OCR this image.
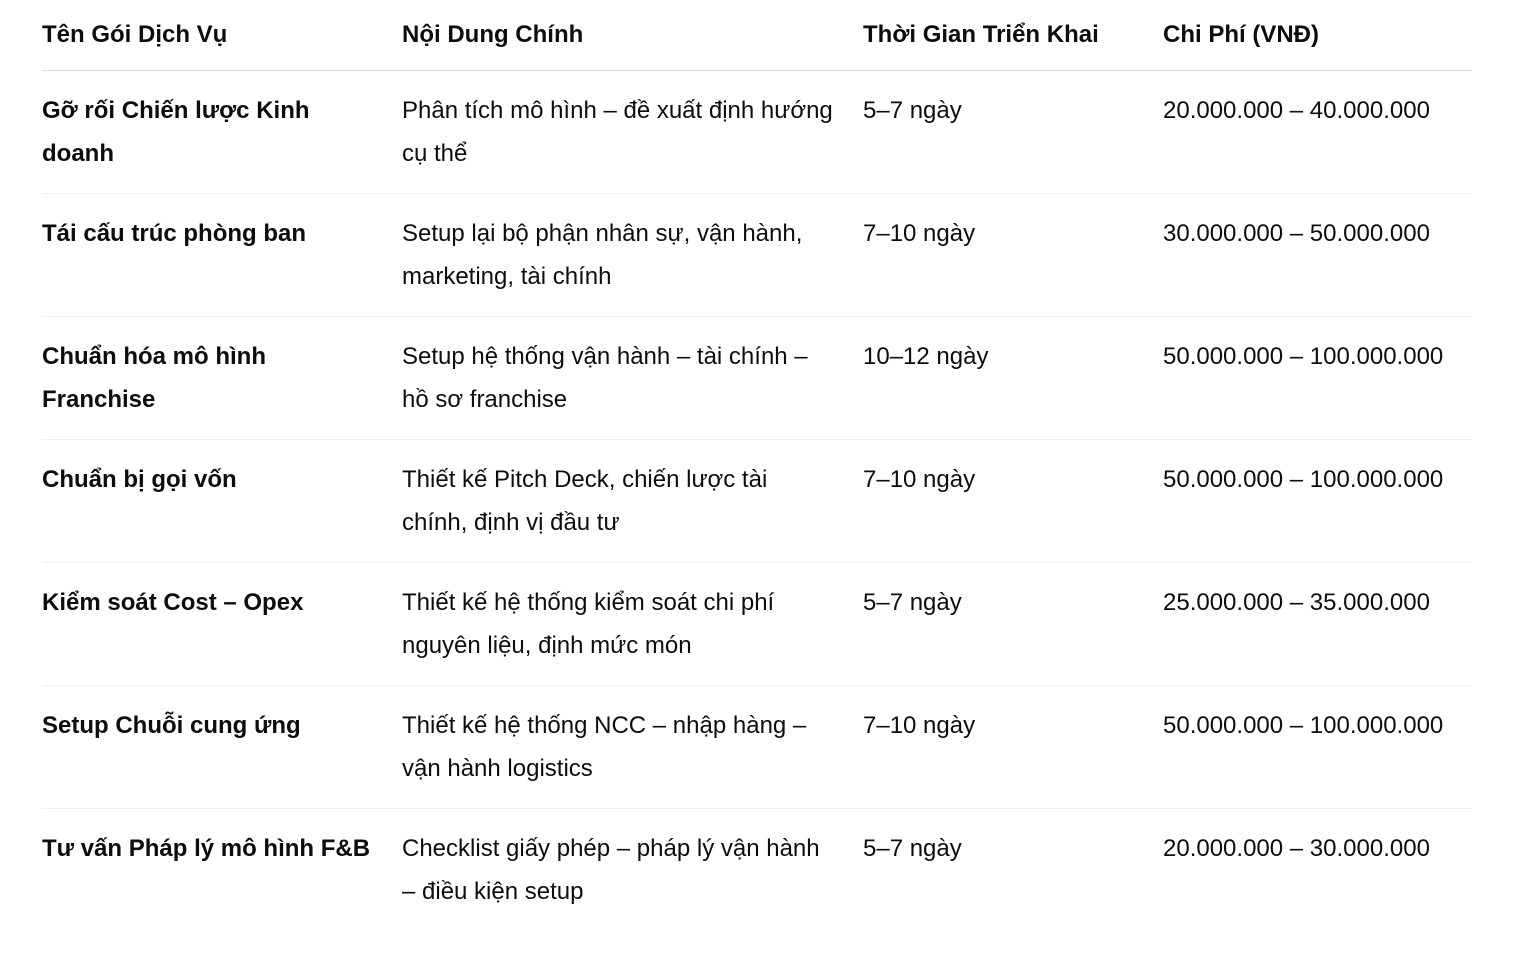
Tên Gói Dịch Vụ	Nội Dung Chính	Thời Gian Triển Khai	Chi Phí (VNĐ)
Gỡ rối Chiến lược Kinh doanh	Phân tích mô hình – đề xuất định hướng cụ thể	5–7 ngày	20.000.000 – 40.000.000
Tái cấu trúc phòng ban	Setup lại bộ phận nhân sự, vận hành, marketing, tài chính	7–10 ngày	30.000.000 – 50.000.000
Chuẩn hóa mô hình Franchise	Setup hệ thống vận hành – tài chính – hồ sơ franchise	10–12 ngày	50.000.000 – 100.000.000
Chuẩn bị gọi vốn	Thiết kế Pitch Deck, chiến lược tài chính, định vị đầu tư	7–10 ngày	50.000.000 – 100.000.000
Kiểm soát Cost – Opex	Thiết kế hệ thống kiểm soát chi phí nguyên liệu, định mức món	5–7 ngày	25.000.000 – 35.000.000
Setup Chuỗi cung ứng	Thiết kế hệ thống NCC – nhập hàng – vận hành logistics	7–10 ngày	50.000.000 – 100.000.000
Tư vấn Pháp lý mô hình F&B	Checklist giấy phép – pháp lý vận hành – điều kiện setup	5–7 ngày	20.000.000 – 30.000.000
